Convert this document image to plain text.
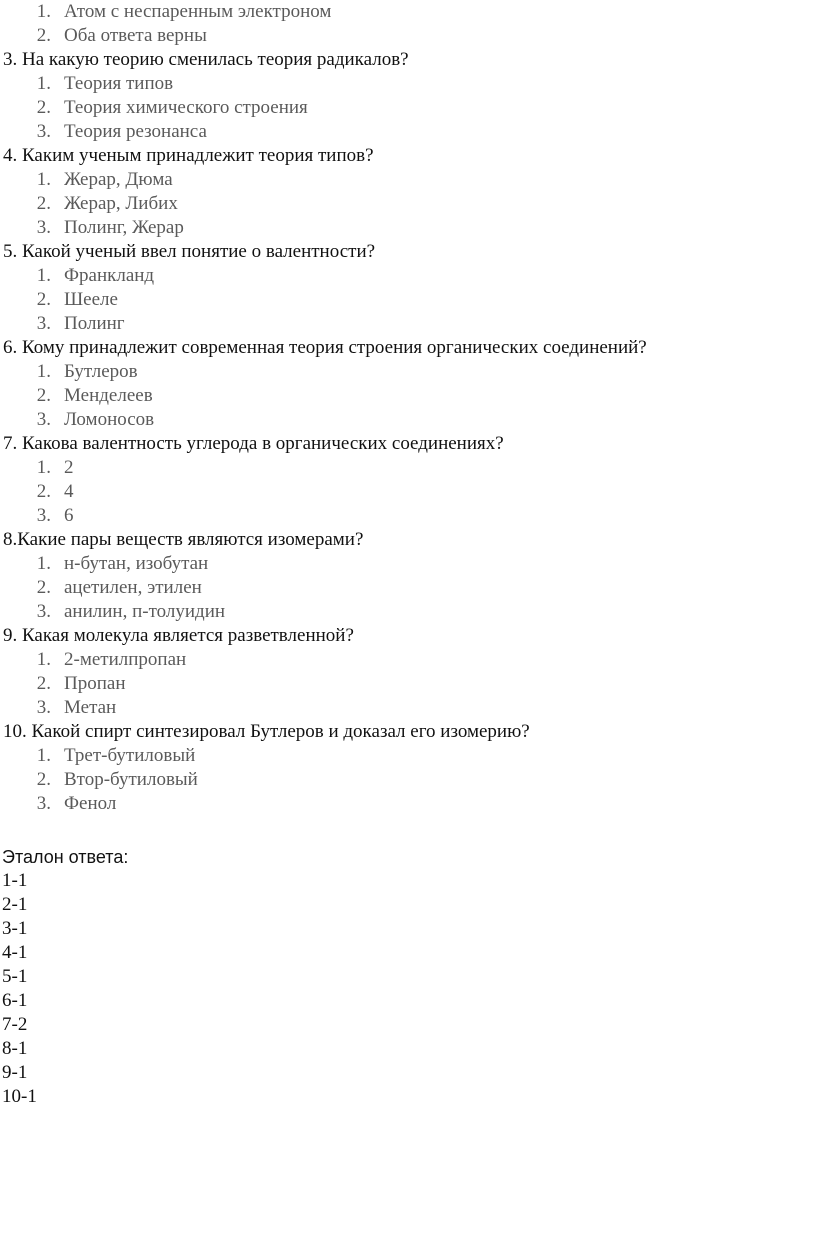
1. Атом с неспаренным электроном
2. Оба ответа верны
3. На какую теорию сменилась теория радикалов?
1. Теория типов
2. Теория химического строения
3. Теория резонанса
4. Каким ученым принадлежит теория типов?
1. Жерар, Дюма
2. Жерар, Либих
3. Полинг, Жерар
5. Какой ученый ввел понятие о валентности?
1. Франкланд
2. Шееле
3. Полинг
6. Кому принадлежит современная теория строения органических соединений?
1. Бутлеров
2. Менделеев
3. Ломоносов
7. Какова валентность углерода в органических соединениях?
1. 2
2. 4
3. 6
8.Какие пары веществ являются изомерами?
1. н-бутан, изобутан
2. ацетилен, этилен
3. анилин, п-толуидин
9. Какая молекула является разветвленной?
1. 2-метилпропан
2. Пропан
3. Метан
10. Какой спирт синтезировал Бутлеров и доказал его изомерию?
1. Трет-бутиловый
2. Втор-бутиловый
3. Фенол
Эталон ответа:
1-1
2-1
3-1
4-1
5-1
6-1
7-2
8-1
9-1
10-1
